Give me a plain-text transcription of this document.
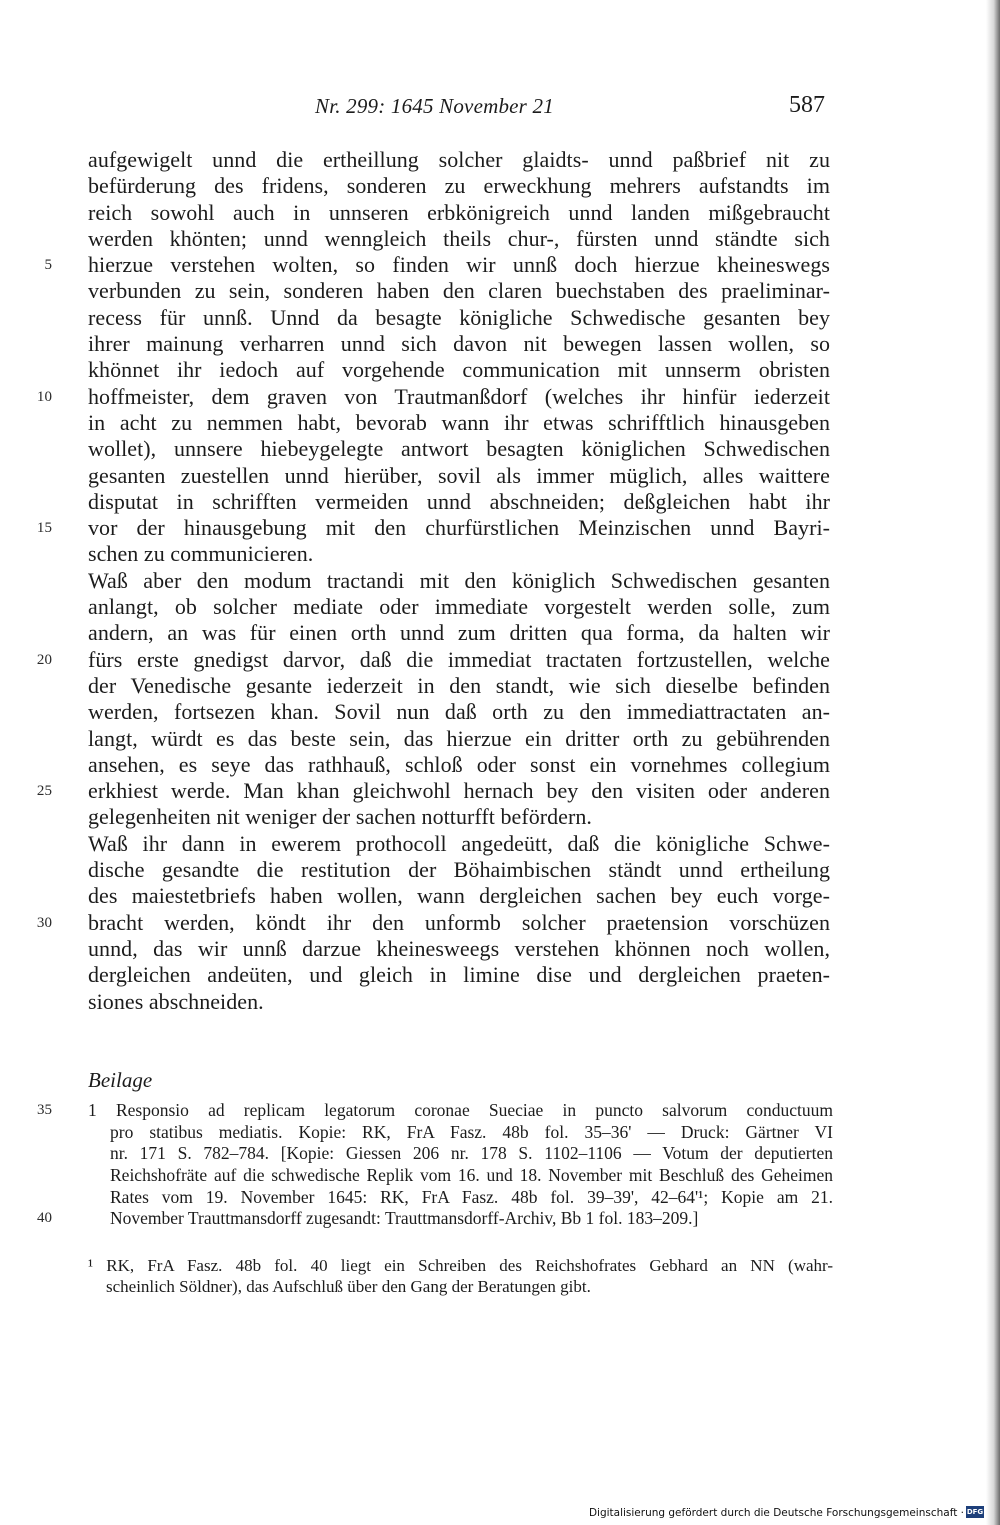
Nr. 299: 1645 November 21	587
aufgewigelt unnd die ertheillung solcher glaidts- unnd paßbrief nit zu
befürderung des fridens, sonderen zu erweckhung mehrers aufstandts im
reich sowohl auch in unnseren erbkönigreich unnd landen mißgebraucht
werden khönten; unnd wenngleich theils chur-, fürsten unnd ständte sich
5 hierzue verstehen wolten, so finden wir unnß doch hierzue kheineswegs
verbunden zu sein, sonderen haben den claren buechstaben des praeliminar-
recess für unnß. Unnd da besagte königliche Schwedische gesanten bey
ihrer mainung verharren unnd sich davon nit bewegen lassen wollen, so
khönnet ihr iedoch auf vorgehende communication mit unnserm obristen
10 hoffmeister, dem graven von Trautmanßdorf (welches ihr hinfür iederzeit
in acht zu nemmen habt, bevorab wann ihr etwas schrifftlich hinausgeben
wollet), unnsere hiebeygelegte antwort besagten königlichen Schwedischen
gesanten zuestellen unnd hierüber, sovil als immer müglich, alles waittere
disputat in schrifften vermeiden unnd abschneiden; deßgleichen habt ihr
15 vor der hinausgebung mit den churfürstlichen Meinzischen unnd Bayri-
schen zu communicieren.
Waß aber den modum tractandi mit den königlich Schwedischen gesanten
anlangt, ob solcher mediate oder immediate vorgestelt werden solle, zum
andern, an was für einen orth unnd zum dritten qua forma, da halten wir
20 fürs erste gnedigst darvor, daß die immediat tractaten fortzustellen, welche
der Venedische gesante iederzeit in den standt, wie sich dieselbe befinden
werden, fortsezen khan. Sovil nun daß orth zu den immediattractaten an-
langt, würdt es das beste sein, das hierzue ein dritter orth zu gebührenden
ansehen, es seye das rathhauß, schloß oder sonst ein vornehmes collegium
25 erkhiest werde. Man khan gleichwohl hernach bey den visiten oder anderen
gelegenheiten nit weniger der sachen notturfft befördern.
Waß ihr dann in ewerem prothocoll angedeütt, daß die königliche Schwe-
dische gesandte die restitution der Böhaimbischen ständt unnd ertheilung
des maiestetbriefs haben wollen, wann dergleichen sachen bey euch vorge-
30 bracht werden, köndt ihr den unformb solcher praetension vorschüzen
unnd, das wir unnß darzue kheinesweegs verstehen khönnen noch wollen,
dergleichen andeüten, und gleich in limine dise und dergleichen praeten-
siones abschneiden.
Beilage
35 1 Responsio ad replicam legatorum coronae Sueciae in puncto salvorum conductuum
pro statibus mediatis. Kopie: RK, FrA Fasz. 48b fol. 35–36' — Druck: Gärtner VI
nr. 171 S. 782–784. [Kopie: Giessen 206 nr. 178 S. 1102–1106 — Votum der deputierten
Reichshofräte auf die schwedische Replik vom 16. und 18. November mit Beschluß des Geheimen
Rates vom 19. November 1645: RK, FrA Fasz. 48b fol. 39–39', 42–64'¹; Kopie am 21.
40	November Trauttmansdorff zugesandt: Trauttmansdorff-Archiv, Bb 1 fol. 183–209.]
¹ RK, FrA Fasz. 48b fol. 40 liegt ein Schreiben des Reichshofrates Gebhard an NN (wahr-
scheinlich Söldner), das Aufschluß über den Gang der Beratungen gibt.
Digitalisierung gefördert durch die Deutsche Forschungsgemeinschaft · DFG
